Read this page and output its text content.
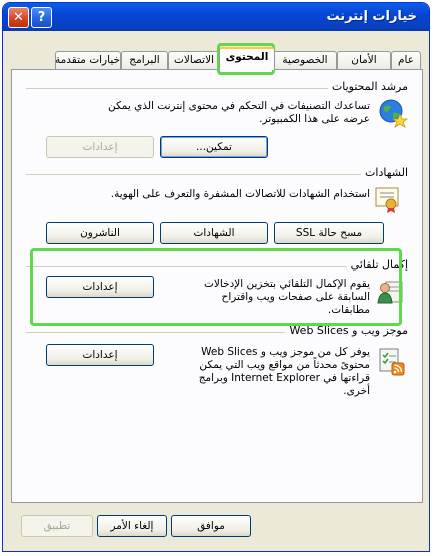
✕	?	خيارات إنترنت
عام
الأمان
الخصوصية
المحتوى
الاتصالات
البرامج
خيارات متقدمة
مرشد المحتويات
تساعدك التصنيفات في التحكم في محتوى إنترنت الذي يمكن عرضه على هذا الكمبيوتر.
تمكين...
إعدادات
الشهادات
استخدام الشهادات للاتصالات المشفرة والتعرف على الهوية.
مسح حالة SSL
الشهادات
الناشرون
إكمال تلقائي
يقوم الإكمال التلقائي بتخزين الإدخالات السابقة على صفحات ويب واقتراح مطابقات.
إعدادات
موجز ويب و Web Slices
يوفر كل من موجز ويب و Web Slices محتوىً محدثاً من مواقع ويب التي يمكن قراءتها في Internet Explorer وبرامج أخرى.
إعدادات
موافق
إلغاء الأمر
تطبيق
